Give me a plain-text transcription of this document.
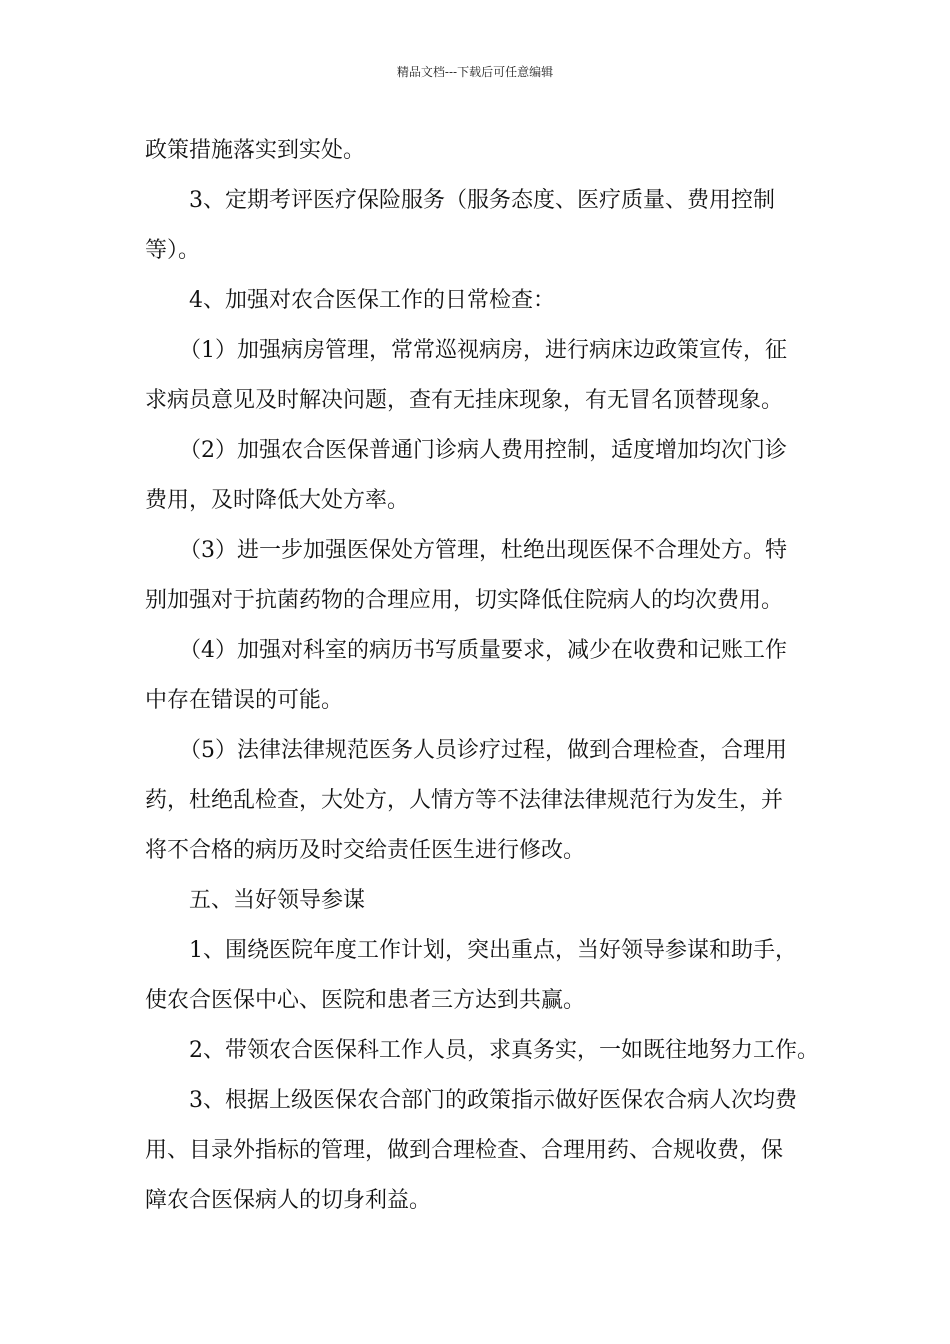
精品文档---下载后可任意编辑
政策措施落实到实处。
3、定期考评医疗保险服务（服务态度、医疗质量、费用控制
等）。
4、加强对农合医保工作的日常检查：
（1）加强病房管理，常常巡视病房，进行病床边政策宣传，征
求病员意见及时解决问题，查有无挂床现象，有无冒名顶替现象。
（2）加强农合医保普通门诊病人费用控制，适度增加均次门诊
费用，及时降低大处方率。
（3）进一步加强医保处方管理，杜绝出现医保不合理处方。特
别加强对于抗菌药物的合理应用，切实降低住院病人的均次费用。
（4）加强对科室的病历书写质量要求，减少在收费和记账工作
中存在错误的可能。
（5）法律法律规范医务人员诊疗过程，做到合理检查，合理用
药，杜绝乱检查，大处方，人情方等不法律法律规范行为发生，并
将不合格的病历及时交给责任医生进行修改。
五、当好领导参谋
1、围绕医院年度工作计划，突出重点，当好领导参谋和助手，
使农合医保中心、医院和患者三方达到共赢。
2、带领农合医保科工作人员，求真务实，一如既往地努力工作。
3、根据上级医保农合部门的政策指示做好医保农合病人次均费
用、目录外指标的管理，做到合理检查、合理用药、合规收费，保
障农合医保病人的切身利益。
